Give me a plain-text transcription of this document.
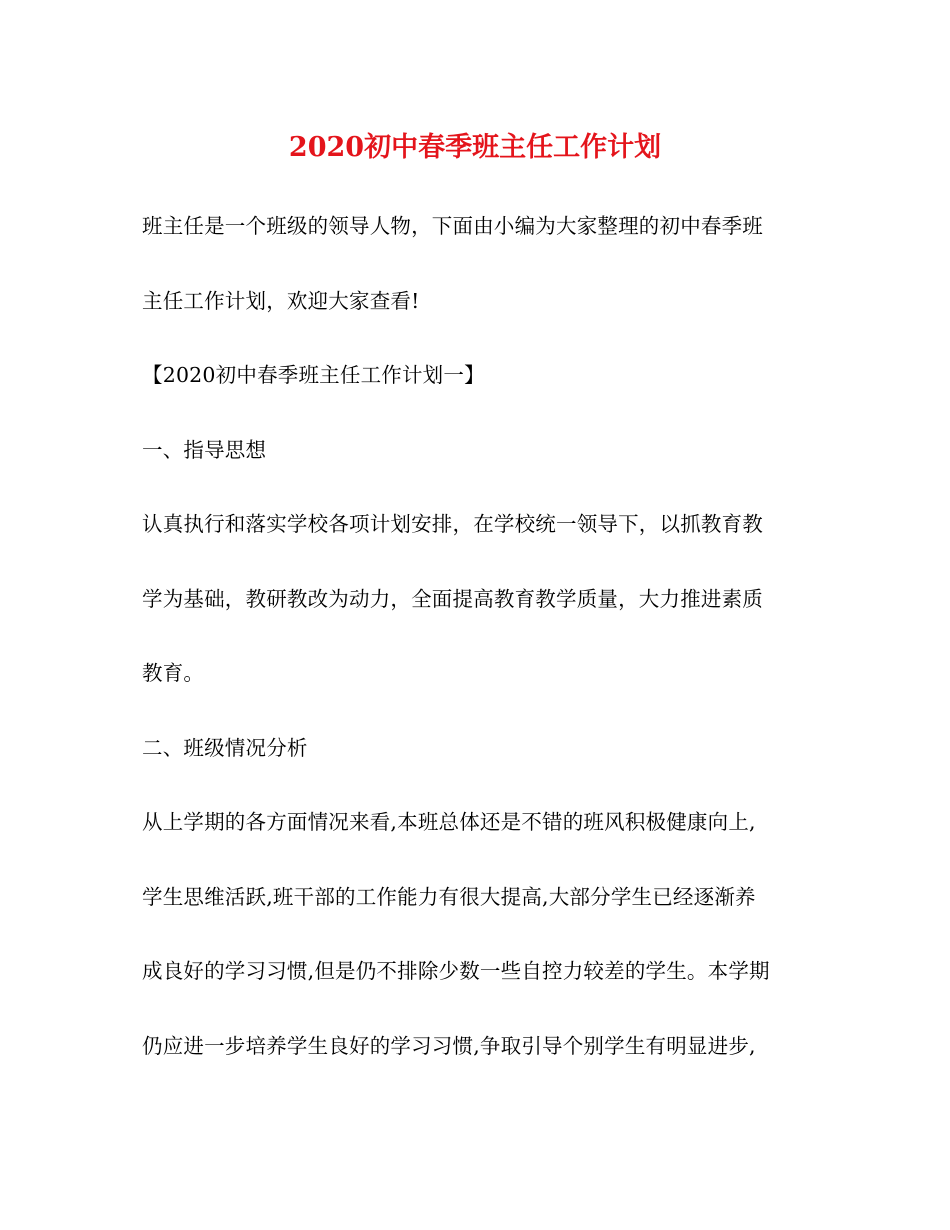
2020初中春季班主任工作计划
班主任是一个班级的领导人物，下面由小编为大家整理的初中春季班
主任工作计划，欢迎大家查看!
【2020初中春季班主任工作计划一】
一、指导思想
认真执行和落实学校各项计划安排，在学校统一领导下，以抓教育教
学为基础，教研教改为动力，全面提高教育教学质量，大力推进素质
教育。
二、班级情况分析
从上学期的各方面情况来看,本班总体还是不错的班风积极健康向上,
学生思维活跃,班干部的工作能力有很大提高,大部分学生已经逐渐养
成良好的学习习惯,但是仍不排除少数一些自控力较差的学生。本学期
仍应进一步培养学生良好的学习习惯,争取引导个别学生有明显进步,
